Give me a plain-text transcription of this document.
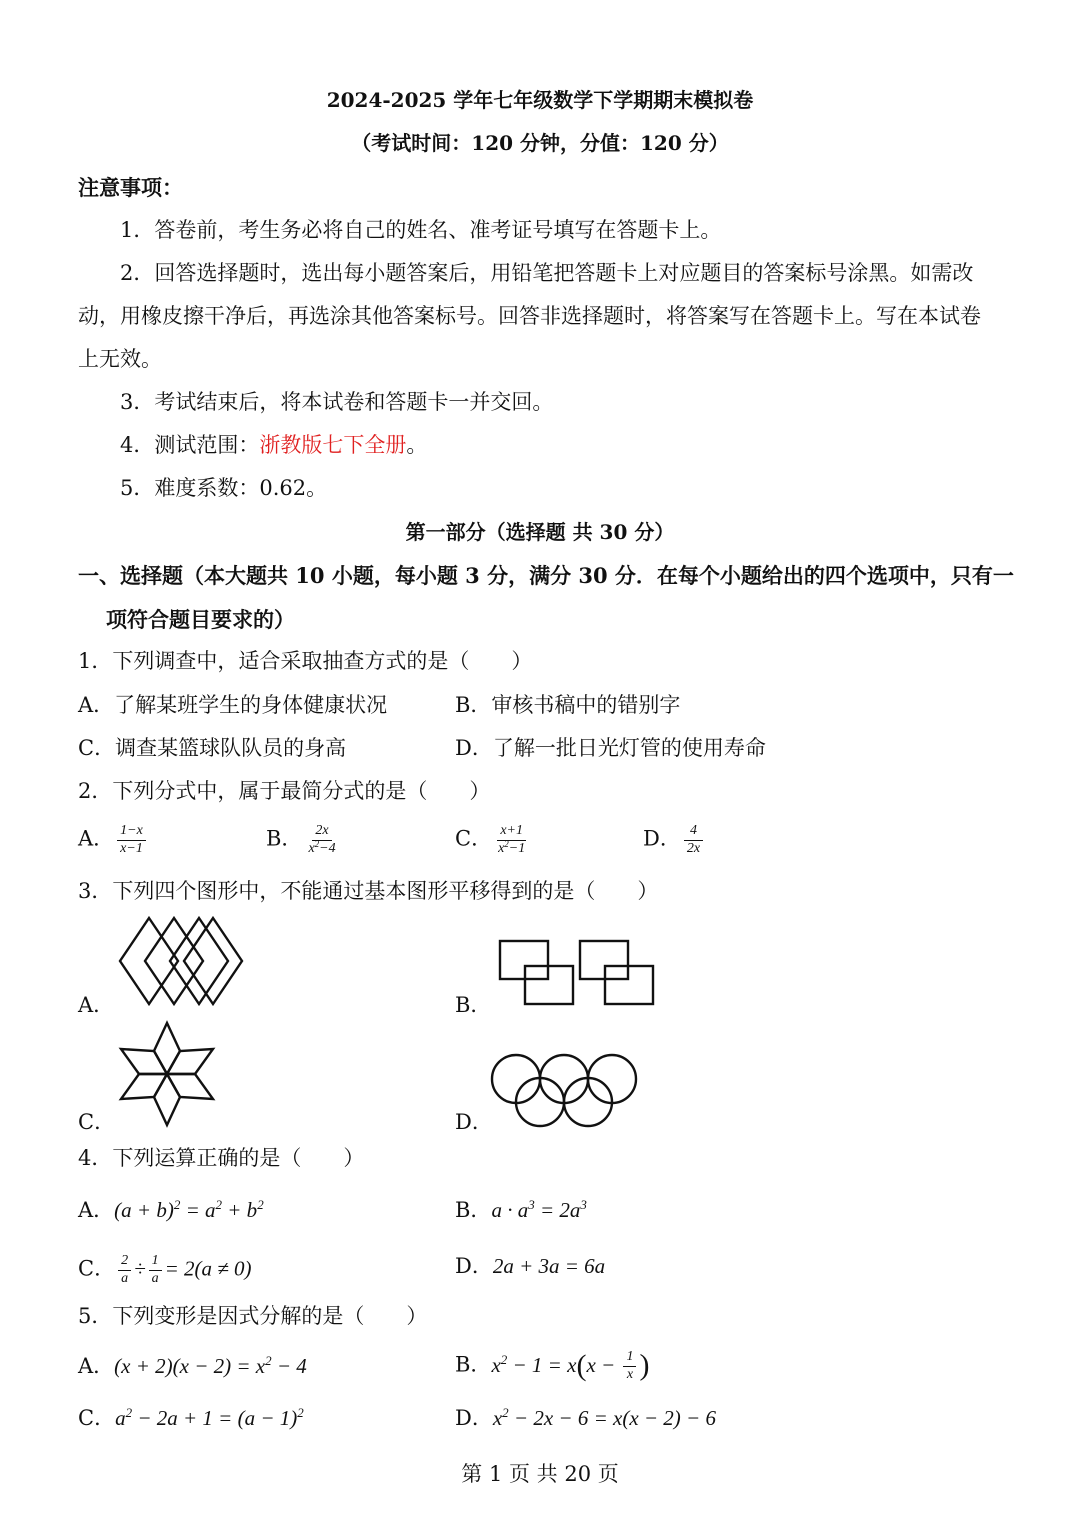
2024-2025 学年七年级数学下学期期末模拟卷
（考试时间：120 分钟，分值：120 分）
注意事项：
1．答卷前，考生务必将自己的姓名、准考证号填写在答题卡上。
2．回答选择题时，选出每小题答案后，用铅笔把答题卡上对应题目的答案标号涂黑。如需改
动，用橡皮擦干净后，再选涂其他答案标号。回答非选择题时，将答案写在答题卡上。写在本试卷
上无效。
3．考试结束后，将本试卷和答题卡一并交回。
4．测试范围：浙教版七下全册。
5．难度系数：0.62。
第一部分（选择题 共 30 分）
一、选择题（本大题共 10 小题，每小题 3 分，满分 30 分．在每个小题给出的四个选项中，只有一
项符合题目要求的）
1．下列调查中，适合采取抽查方式的是（　　）
A．了解某班学生的身体健康状况	B．审核书稿中的错别字
C．调查某篮球队队员的身高	D．了解一批日光灯管的使用寿命
2．下列分式中，属于最简分式的是（　　）
A． $\frac{1-x}{x-1}$	B． $\frac{2x}{x^2-4}$	C． $\frac{x+1}{x^2-1}$	D． $\frac{4}{2x}$
3．下列四个图形中，不能通过基本图形平移得到的是（　　）
A．	B．
C．	D．
4．下列运算正确的是（　　）
A．$(a + b)^2 = a^2 + b^2$	B．$a \cdot a^3 = 2a^3$
C． $\frac{2}{a} \div \frac{1}{a} = 2(a \ne 0)$	D．2a + 3a = 6a
5．下列变形是因式分解的是（　　）
A．$(x + 2)(x - 2) = x^2 - 4$	B．$x^2 - 1 = x(x - \frac{1}{x}$ )
C．$a^2 - 2a + 1 = (a - 1)^2$	D．$x^2 - 2x - 6 = x(x - 2) - 6$
第 1 页 共 20 页
